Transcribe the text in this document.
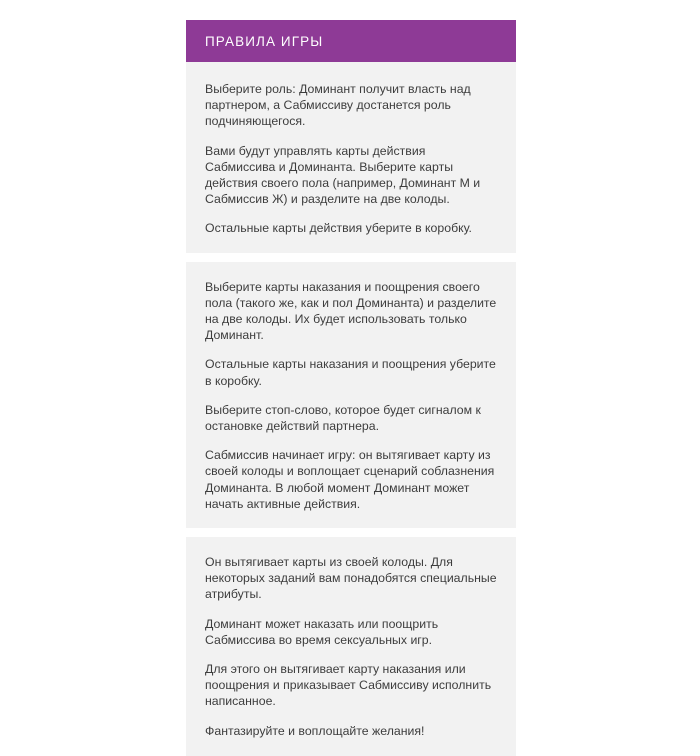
ПРАВИЛА ИГРЫ

Выберите роль: Доминант получит власть над партнером, а Сабмиссиву достанется роль подчиняющегося.

Вами будут управлять карты действия Сабмиссива и Доминанта. Выберите карты действия своего пола (например, Доминант М и Сабмиссив Ж) и разделите на две колоды.

Остальные карты действия уберите в коробку.

Выберите карты наказания и поощрения своего пола (такого же, как и пол Доминанта) и разделите на две колоды. Их будет использовать только Доминант.

Остальные карты наказания и поощрения уберите в коробку.

Выберите стоп-слово, которое будет сигналом к остановке действий партнера.

Сабмиссив начинает игру: он вытягивает карту из своей колоды и воплощает сценарий соблазнения Доминанта. В любой момент Доминант может начать активные действия.

Он вытягивает карты из своей колоды. Для некоторых заданий вам понадобятся специальные атрибуты.

Доминант может наказать или поощрить Сабмиссива во время сексуальных игр.

Для этого он вытягивает карту наказания или поощрения и приказывает Сабмиссиву исполнить написанное.

Фантазируйте и воплощайте желания!
